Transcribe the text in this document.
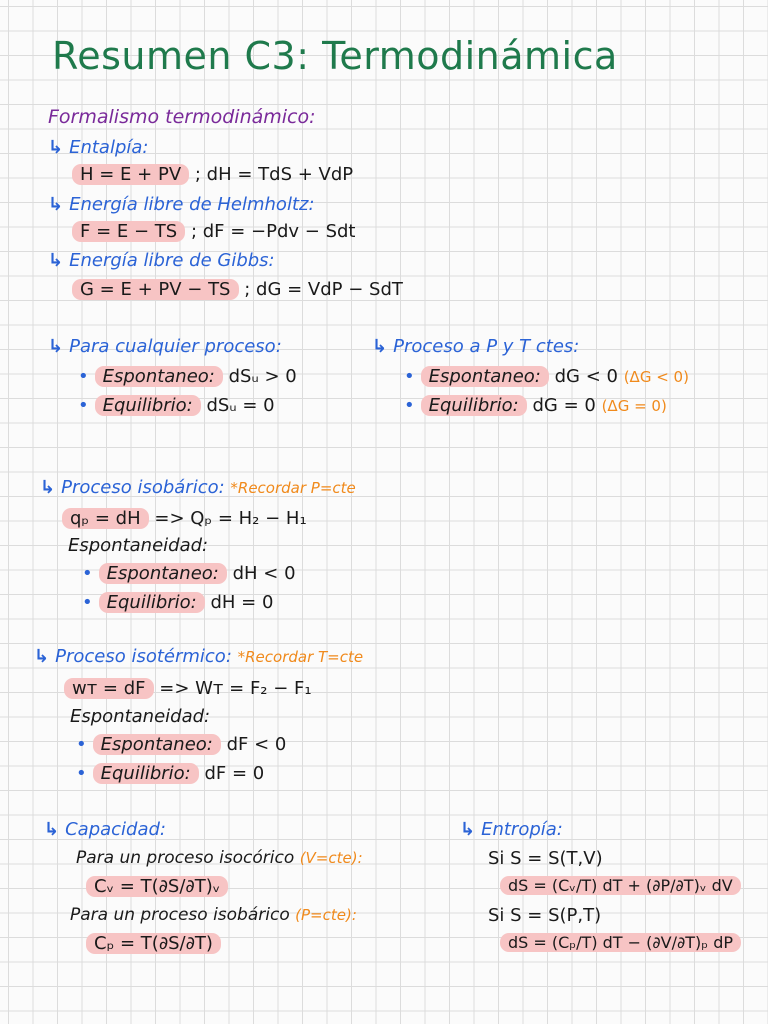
Resumen C3: Termodinámica
Formalismo termodinámico:
↳ Entalpía:
H = E + PV ; dH = TdS + VdP
↳ Energía libre de Helmholtz:
F = E − TS ; dF = −Pdv − Sdt
↳ Energía libre de Gibbs:
G = E + PV − TS ; dG = VdP − SdT
↳ Para cualquier proceso:
• Espontaneo: dSᵤ > 0
• Equilibrio: dSᵤ = 0
↳ Proceso a P y T ctes:
• Espontaneo: dG < 0 (ΔG < 0)
• Equilibrio: dG = 0 (ΔG = 0)
↳ Proceso isobárico: *Recordar P=cte
qₚ = dH => Qₚ = H₂ − H₁
Espontaneidad:
• Espontaneo: dH < 0
• Equilibrio: dH = 0
↳ Proceso isotérmico: *Recordar T=cte
wᴛ = dF => Wᴛ = F₂ − F₁
Espontaneidad:
• Espontaneo: dF < 0
• Equilibrio: dF = 0
↳ Capacidad:
Para un proceso isocórico (V=cte):
Cᵥ = T(∂S/∂T)ᵥ
Para un proceso isobárico (P=cte):
Cₚ = T(∂S/∂T)
↳ Entropía:
Si S = S(T,V)
dS = (Cᵥ/T) dT + (∂P/∂T)ᵥ dV
Si S = S(P,T)
dS = (Cₚ/T) dT − (∂V/∂T)ₚ dP
